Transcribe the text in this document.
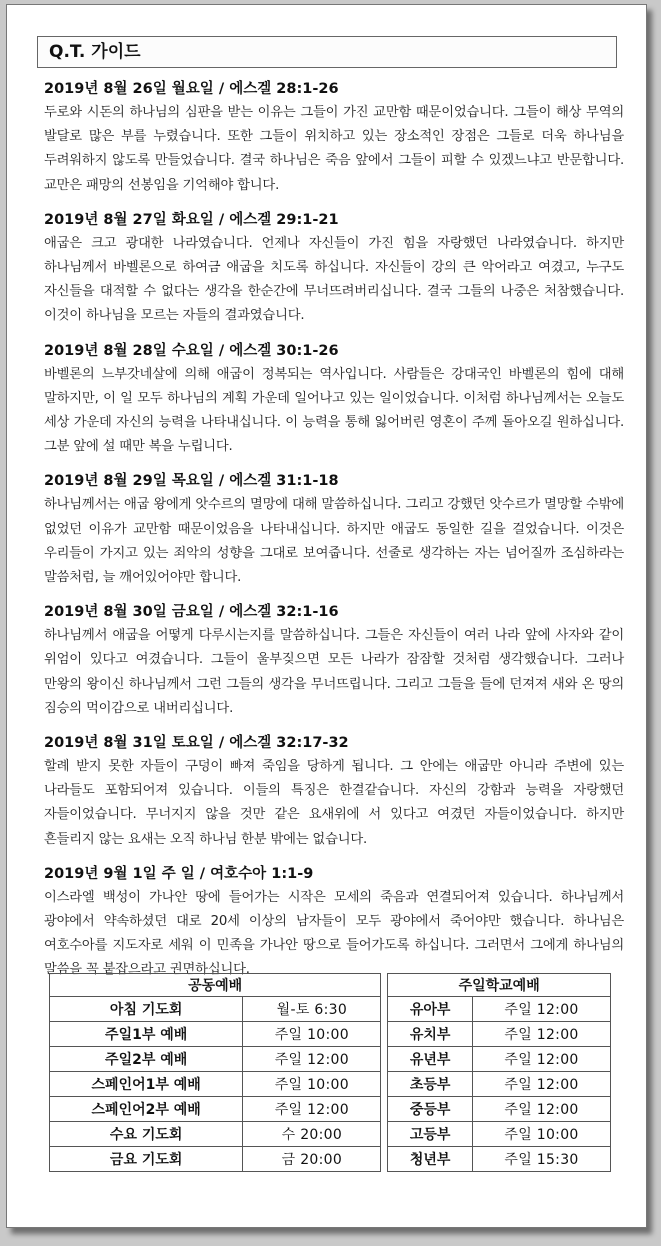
Q.T. 가이드
2019년 8월 26일 월요일 / 에스겔 28:1-26
두로와 시돈의 하나님의 심판을 받는 이유는 그들이 가진 교만함 때문이었습니다. 그들이 해상 무역의 발달로 많은 부를 누렸습니다. 또한 그들이 위치하고 있는 장소적인 장점은 그들로 더욱 하나님을 두려워하지 않도록 만들었습니다. 결국 하나님은 죽음 앞에서 그들이 피할 수 있겠느냐고 반문합니다. 교만은 패망의 선봉임을 기억해야 합니다.
2019년 8월 27일 화요일 / 에스겔 29:1-21
애굽은 크고 광대한 나라였습니다. 언제나 자신들이 가진 힘을 자랑했던 나라였습니다. 하지만 하나님께서 바벨론으로 하여금 애굽을 치도록 하십니다. 자신들이 강의 큰 악어라고 여겼고, 누구도 자신들을 대적할 수 없다는 생각을 한순간에 무너뜨려버리십니다. 결국 그들의 나중은 처참했습니다. 이것이 하나님을 모르는 자들의 결과였습니다.
2019년 8월 28일 수요일 / 에스겔 30:1-26
바벨론의 느부갓네살에 의해 애굽이 정복되는 역사입니다. 사람들은 강대국인 바벨론의 힘에 대해 말하지만, 이 일 모두 하나님의 계획 가운데 일어나고 있는 일이었습니다. 이처럼 하나님께서는 오늘도 세상 가운데 자신의 능력을 나타내십니다. 이 능력을 통해 잃어버린 영혼이 주께 돌아오길 원하십니다. 그분 앞에 설 때만 복을 누립니다.
2019년 8월 29일 목요일 / 에스겔 31:1-18
하나님께서는 애굽 왕에게 앗수르의 멸망에 대해 말씀하십니다. 그리고 강했던 앗수르가 멸망할 수밖에 없었던 이유가 교만함 때문이었음을 나타내십니다. 하지만 애굽도 동일한 길을 걸었습니다. 이것은 우리들이 가지고 있는 죄악의 성향을 그대로 보여줍니다. 선줄로 생각하는 자는 넘어질까 조심하라는 말씀처럼, 늘 깨어있어야만 합니다.
2019년 8월 30일 금요일 / 에스겔 32:1-16
하나님께서 애굽을 어떻게 다루시는지를 말씀하십니다. 그들은 자신들이 여러 나라 앞에 사자와 같이 위엄이 있다고 여겼습니다. 그들이 울부짖으면 모든 나라가 잠잠할 것처럼 생각했습니다. 그러나 만왕의 왕이신 하나님께서 그런 그들의 생각을 무너뜨립니다. 그리고 그들을 들에 던져져 새와 온 땅의 짐승의 먹이감으로 내버리십니다.
2019년 8월 31일 토요일 / 에스겔 32:17-32
할례 받지 못한 자들이 구덩이 빠져 죽임을 당하게 됩니다. 그 안에는 애굽만 아니라 주변에 있는 나라들도 포함되어져 있습니다. 이들의 특징은 한결같습니다. 자신의 강함과 능력을 자랑했던 자들이었습니다. 무너지지 않을 것만 같은 요새위에 서 있다고 여겼던 자들이었습니다. 하지만 흔들리지 않는 요새는 오직 하나님 한분 밖에는 없습니다.
2019년 9월 1일 주 일 / 여호수아 1:1-9
이스라엘 백성이 가나안 땅에 들어가는 시작은 모세의 죽음과 연결되어져 있습니다. 하나님께서 광야에서 약속하셨던 대로 20세 이상의 남자들이 모두 광야에서 죽어야만 했습니다. 하나님은 여호수아를 지도자로 세워 이 민족을 가나안 땅으로 들어가도록 하십니다. 그러면서 그에게 하나님의 말씀을 꼭 붙잡으라고 권면하십니다.
공동예배			주일학교예배	
아침 기도회	월-토 6:30		유아부	주일 12:00
주일1부 예배	주일 10:00		유치부	주일 12:00
주일2부 예배	주일 12:00		유년부	주일 12:00
스페인어1부 예배	주일 10:00		초등부	주일 12:00
스페인어2부 예배	주일 12:00		중등부	주일 12:00
수요 기도회	수 20:00		고등부	주일 10:00
금요 기도회	금 20:00		청년부	주일 15:30
